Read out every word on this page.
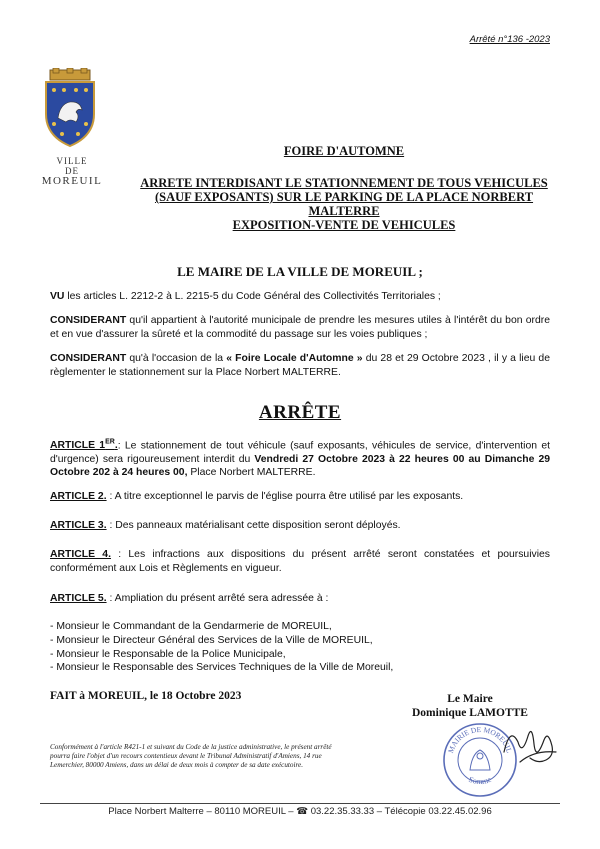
Arrêté n°136 -2023
VILLE
DE
MOREUIL
FOIRE D'AUTOMNE
ARRETE INTERDISANT LE STATIONNEMENT DE TOUS VEHICULES
(SAUF EXPOSANTS) SUR LE PARKING DE LA PLACE NORBERT
MALTERRE
EXPOSITION-VENTE DE VEHICULES
LE MAIRE DE LA VILLE DE MOREUIL ;
VU les articles L. 2212-2 à L. 2215-5 du Code Général des Collectivités Territoriales ;
CONSIDERANT qu'il appartient à l'autorité municipale de prendre les mesures utiles à l'intérêt du bon ordre et en vue d'assurer la sûreté et la commodité du passage sur les voies publiques ;
CONSIDERANT qu'à l'occasion de la « Foire Locale d'Automne » du 28 et 29 Octobre 2023 , il y a lieu de règlementer le stationnement sur la Place Norbert MALTERRE.
ARRÊTE
ARTICLE 1ER.: Le stationnement de tout véhicule (sauf exposants, véhicules de service, d'intervention et d'urgence) sera rigoureusement interdit du Vendredi 27 Octobre 2023 à 22 heures 00 au Dimanche 29 Octobre 202 à 24 heures 00, Place Norbert MALTERRE.
ARTICLE 2. : A titre exceptionnel le parvis de l'église pourra être utilisé par les exposants.
ARTICLE 3. : Des panneaux matérialisant cette disposition seront déployés.
ARTICLE 4. : Les infractions aux dispositions du présent arrêté seront constatées et poursuivies conformément aux Lois et Règlements en vigueur.
ARTICLE 5. : Ampliation du présent arrêté sera adressée à :
- Monsieur le Commandant de la Gendarmerie de MOREUIL,
- Monsieur le Directeur Général des Services de la Ville de MOREUIL,
- Monsieur le Responsable de la Police Municipale,
- Monsieur le Responsable des Services Techniques de la Ville de Moreuil,
FAIT à MOREUIL, le 18 Octobre 2023	Le Maire
Dominique LAMOTTE
MAIRIE DE MOREUIL
Somme
Conformément à l'article R421-1 et suivant du Code de la justice administrative, le présent arrêté pourra faire l'objet d'un recours contentieux devant le Tribunal Administratif d'Amiens, 14 rue Lemerchier, 80000 Amiens, dans un délai de deux mois à compter de sa date exécutoire.
Place Norbert Malterre – 80110 MOREUIL – ☎ 03.22.35.33.33 – Télécopie 03.22.45.02.96
